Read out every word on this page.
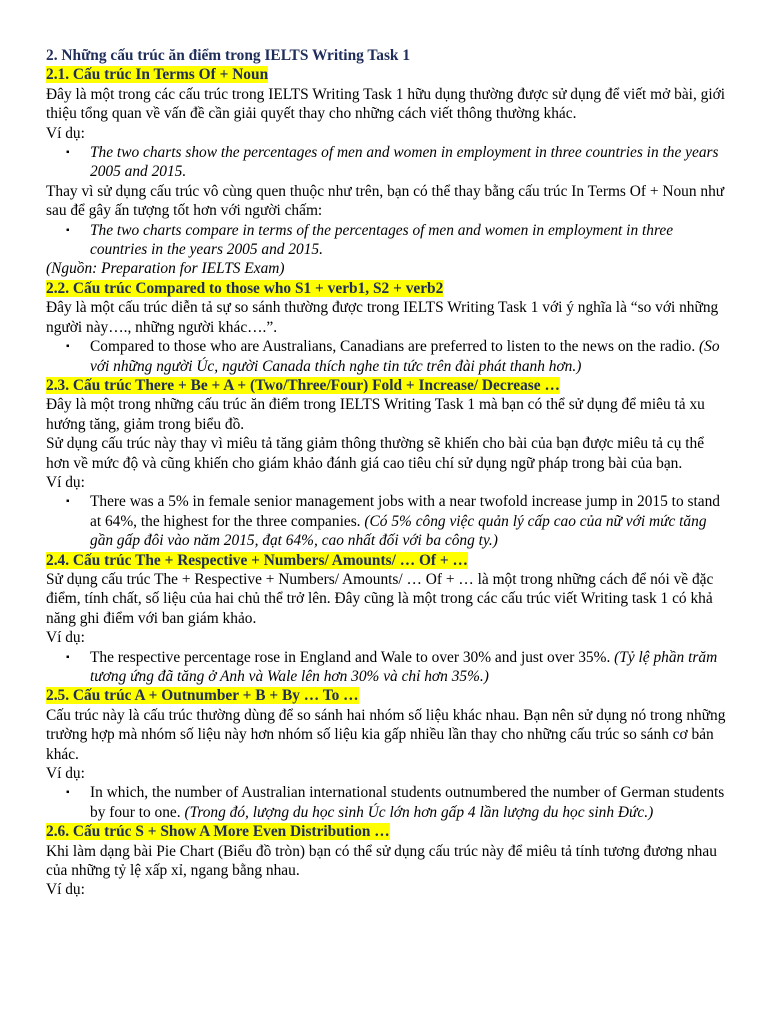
2. Những cấu trúc ăn điểm trong IELTS Writing Task 1

2.1. Cấu trúc In Terms Of + Noun

Đây là một trong các cấu trúc trong IELTS Writing Task 1 hữu dụng thường được sử dụng để viết mở bài, giới thiệu tổng quan về vấn đề cần giải quyết thay cho những cách viết thông thường khác.

Ví dụ:

▪ The two charts show the percentages of men and women in employment in three countries in the years 2005 and 2015.

Thay vì sử dụng cấu trúc vô cùng quen thuộc như trên, bạn có thể thay bằng cấu trúc In Terms Of + Noun như sau để gây ấn tượng tốt hơn với người chấm:

▪ The two charts compare in terms of the percentages of men and women in employment in three countries in the years 2005 and 2015.

(Nguồn: Preparation for IELTS Exam)

2.2. Cấu trúc Compared to those who S1 + verb1, S2 + verb2

Đây là một cấu trúc diễn tả sự so sánh thường được trong IELTS Writing Task 1 với ý nghĩa là “so với những người này…., những người khác….”.

▪ Compared to those who are Australians, Canadians are preferred to listen to the news on the radio. (So với những người Úc, người Canada thích nghe tin tức trên đài phát thanh hơn.)

2.3. Cấu trúc There + Be + A + (Two/Three/Four) Fold + Increase/ Decrease …

Đây là một trong những cấu trúc ăn điểm trong IELTS Writing Task 1 mà bạn có thể sử dụng để miêu tả xu hướng tăng, giảm trong biểu đồ.

Sử dụng cấu trúc này thay vì miêu tả tăng giảm thông thường sẽ khiến cho bài của bạn được miêu tả cụ thể hơn về mức độ và cũng khiến cho giám khảo đánh giá cao tiêu chí sử dụng ngữ pháp trong bài của bạn.

Ví dụ:

▪ There was a 5% in female senior management jobs with a near twofold increase jump in 2015 to stand at 64%, the highest for the three companies. (Có 5% công việc quản lý cấp cao của nữ với mức tăng gần gấp đôi vào năm 2015, đạt 64%, cao nhất đối với ba công ty.)

2.4. Cấu trúc The + Respective + Numbers/ Amounts/ … Of + …

Sử dụng cấu trúc The + Respective + Numbers/ Amounts/ … Of + … là một trong những cách để nói về đặc điểm, tính chất, số liệu của hai chủ thể trở lên. Đây cũng là một trong các cấu trúc viết Writing task 1 có khả năng ghi điểm với ban giám khảo.

Ví dụ:

▪ The respective percentage rose in England and Wale to over 30% and just over 35%. (Tỷ lệ phần trăm tương ứng đã tăng ở Anh và Wale lên hơn 30% và chỉ hơn 35%.)

2.5. Cấu trúc A + Outnumber + B + By … To …

Cấu trúc này là cấu trúc thường dùng để so sánh hai nhóm số liệu khác nhau. Bạn nên sử dụng nó trong những trường hợp mà nhóm số liệu này hơn nhóm số liệu kia gấp nhiều lần thay cho những cấu trúc so sánh cơ bản khác.

Ví dụ:

▪ In which, the number of Australian international students outnumbered the number of German students by four to one. (Trong đó, lượng du học sinh Úc lớn hơn gấp 4 lần lượng du học sinh Đức.)

2.6. Cấu trúc S + Show A More Even Distribution …

Khi làm dạng bài Pie Chart (Biểu đồ tròn) bạn có thể sử dụng cấu trúc này để miêu tả tính tương đương nhau của những tỷ lệ xấp xỉ, ngang bằng nhau.

Ví dụ:
